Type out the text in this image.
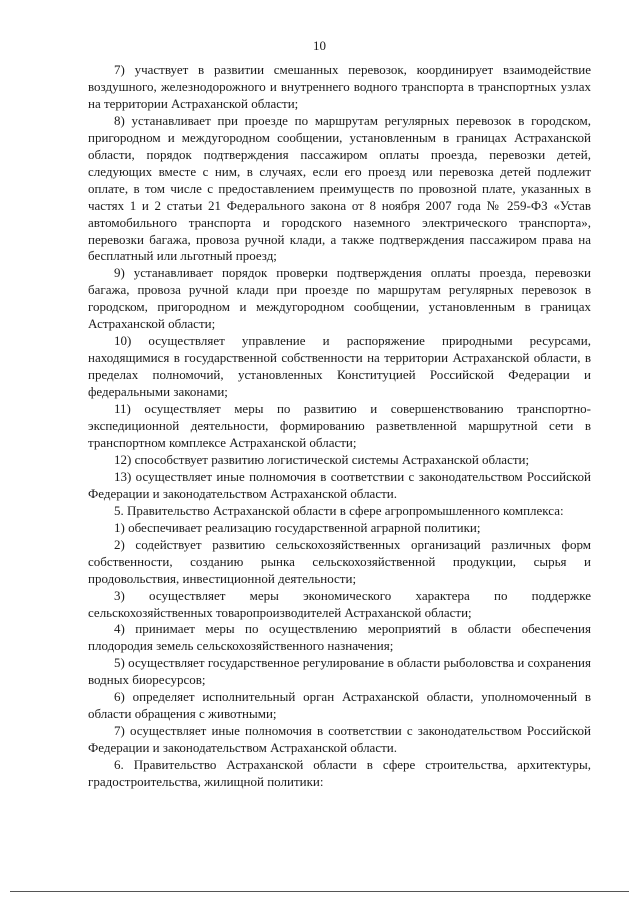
10

7) участвует в развитии смешанных перевозок, координирует взаимодействие воздушного, железнодорожного и внутреннего водного транспорта в транспортных узлах на территории Астраханской области;

8) устанавливает при проезде по маршрутам регулярных перевозок в городском, пригородном и междугородном сообщении, установленным в границах Астраханской области, порядок подтверждения пассажиром оплаты проезда, перевозки детей, следующих вместе с ним, в случаях, если его проезд или перевозка детей подлежит оплате, в том числе с предоставлением преимуществ по провозной плате, указанных в частях 1 и 2 статьи 21 Федерального закона от 8 ноября 2007 года № 259-ФЗ «Устав автомобильного транспорта и городского наземного электрического транспорта», перевозки багажа, провоза ручной клади, а также подтверждения пассажиром права на бесплатный или льготный проезд;

9) устанавливает порядок проверки подтверждения оплаты проезда, перевозки багажа, провоза ручной клади при проезде по маршрутам регулярных перевозок в городском, пригородном и междугородном сообщении, установленным в границах Астраханской области;

10) осуществляет управление и распоряжение природными ресурсами, находящимися в государственной собственности на территории Астраханской области, в пределах полномочий, установленных Конституцией Российской Федерации и федеральными законами;

11) осуществляет меры по развитию и совершенствованию транспортно-экспедиционной деятельности, формированию разветвленной маршрутной сети в транспортном комплексе Астраханской области;

12) способствует развитию логистической системы Астраханской области;

13) осуществляет иные полномочия в соответствии с законодательством Российской Федерации и законодательством Астраханской области.

5. Правительство Астраханской области в сфере агропромышленного комплекса:

1) обеспечивает реализацию государственной аграрной политики;

2) содействует развитию сельскохозяйственных организаций различных форм собственности, созданию рынка сельскохозяйственной продукции, сырья и продовольствия, инвестиционной деятельности;

3) осуществляет меры экономического характера по поддержке сельскохозяйственных товаропроизводителей Астраханской области;

4) принимает меры по осуществлению мероприятий в области обеспечения плодородия земель сельскохозяйственного назначения;

5) осуществляет государственное регулирование в области рыболовства и сохранения водных биоресурсов;

6) определяет исполнительный орган Астраханской области, уполномоченный в области обращения с животными;

7) осуществляет иные полномочия в соответствии с законодательством Российской Федерации и законодательством Астраханской области.

6. Правительство Астраханской области в сфере строительства, архитектуры, градостроительства, жилищной политики:
